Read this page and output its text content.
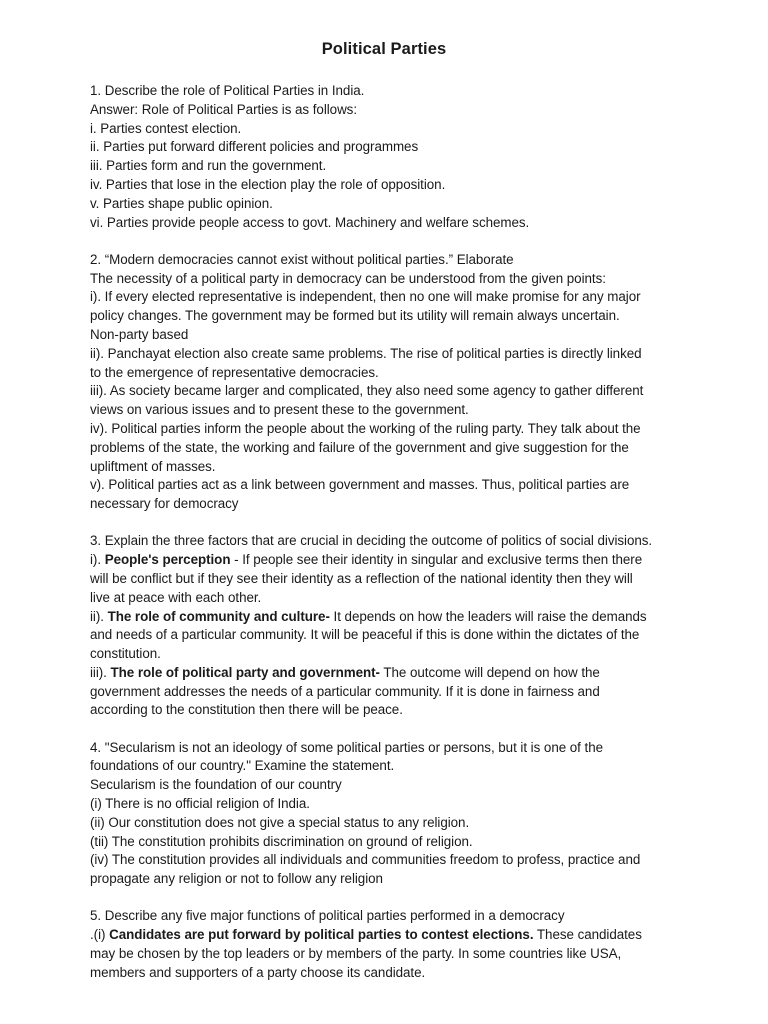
Political Parties

1. Describe the role of Political Parties in India.

Answer: Role of Political Parties is as follows:

i. Parties contest election.

ii. Parties put forward different policies and programmes

iii. Parties form and run the government.

iv. Parties that lose in the election play the role of opposition.

v. Parties shape public opinion.

vi. Parties provide people access to govt. Machinery and welfare schemes.

2. “Modern democracies cannot exist without political parties.” Elaborate

The necessity of a political party in democracy can be understood from the given points:

i). If every elected representative is independent, then no one will make promise for any major

policy changes. The government may be formed but its utility will remain always uncertain.

Non-party based

ii). Panchayat election also create same problems. The rise of political parties is directly linked

to the emergence of representative democracies.

iii). As society became larger and complicated, they also need some agency to gather different

views on various issues and to present these to the government.

iv). Political parties inform the people about the working of the ruling party. They talk about the

problems of the state, the working and failure of the government and give suggestion for the

upliftment of masses.

v). Political parties act as a link between government and masses. Thus, political parties are

necessary for democracy

3. Explain the three factors that are crucial in deciding the outcome of politics of social divisions.

i). People's perception - If people see their identity in singular and exclusive terms then there

will be conflict but if they see their identity as a reflection of the national identity then they will

live at peace with each other.

ii). The role of community and culture- It depends on how the leaders will raise the demands

and needs of a particular community. It will be peaceful if this is done within the dictates of the

constitution.

iii). The role of political party and government- The outcome will depend on how the

government addresses the needs of a particular community. If it is done in fairness and

according to the constitution then there will be peace.

4. "Secularism is not an ideology of some political parties or persons, but it is one of the

foundations of our country." Examine the statement.

Secularism is the foundation of our country

(i) There is no official religion of India.

(ii) Our constitution does not give a special status to any religion.

(tii) The constitution prohibits discrimination on ground of religion.

(iv) The constitution provides all individuals and communities freedom to profess, practice and

propagate any religion or not to follow any religion

5. Describe any five major functions of political parties performed in a democracy

.(i) Candidates are put forward by political parties to contest elections. These candidates

may be chosen by the top leaders or by members of the party. In some countries like USA,

members and supporters of a party choose its candidate.
